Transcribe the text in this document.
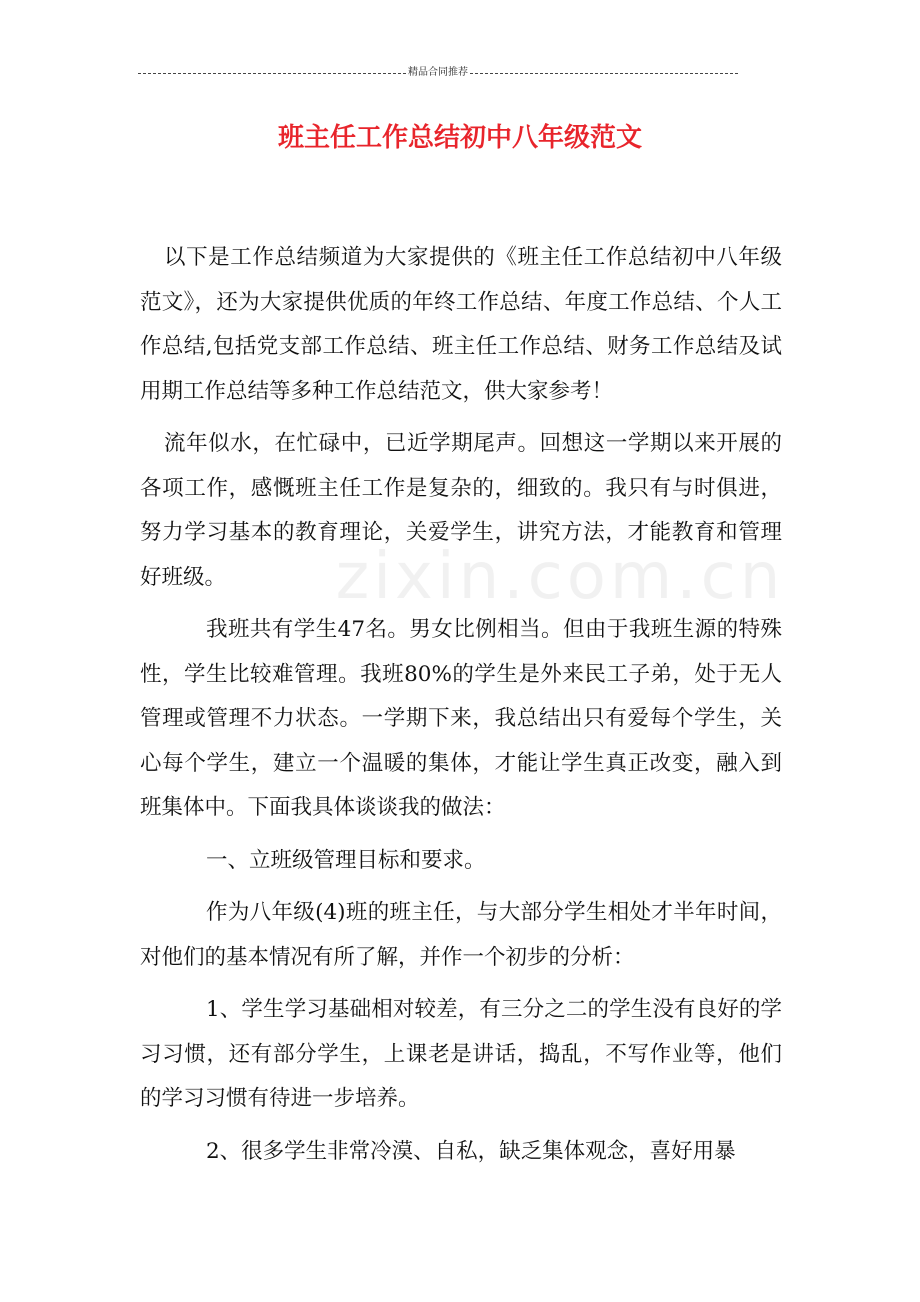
精品合同推荐
班主任工作总结初中八年级范文
zixin.com.cn

以下是工作总结频道为大家提供的《班主任工作总结初中八年级范文》，还为大家提供优质的年终工作总结、年度工作总结、个人工作总结,包括党支部工作总结、班主任工作总结、财务工作总结及试用期工作总结等多种工作总结范文，供大家参考！

流年似水，在忙碌中，已近学期尾声。回想这一学期以来开展的各项工作，感慨班主任工作是复杂的，细致的。我只有与时俱进，努力学习基本的教育理论，关爱学生，讲究方法，才能教育和管理好班级。

我班共有学生47名。男女比例相当。但由于我班生源的特殊性，学生比较难管理。我班80%的学生是外来民工子弟，处于无人管理或管理不力状态。一学期下来，我总结出只有爱每个学生，关心每个学生，建立一个温暖的集体，才能让学生真正改变，融入到班集体中。下面我具体谈谈我的做法：

一、立班级管理目标和要求。

作为八年级(4)班的班主任，与大部分学生相处才半年时间，对他们的基本情况有所了解，并作一个初步的分析：

1、学生学习基础相对较差，有三分之二的学生没有良好的学习习惯，还有部分学生，上课老是讲话，捣乱，不写作业等，他们的学习习惯有待进一步培养。

2、很多学生非常冷漠、自私，缺乏集体观念，喜好用暴
